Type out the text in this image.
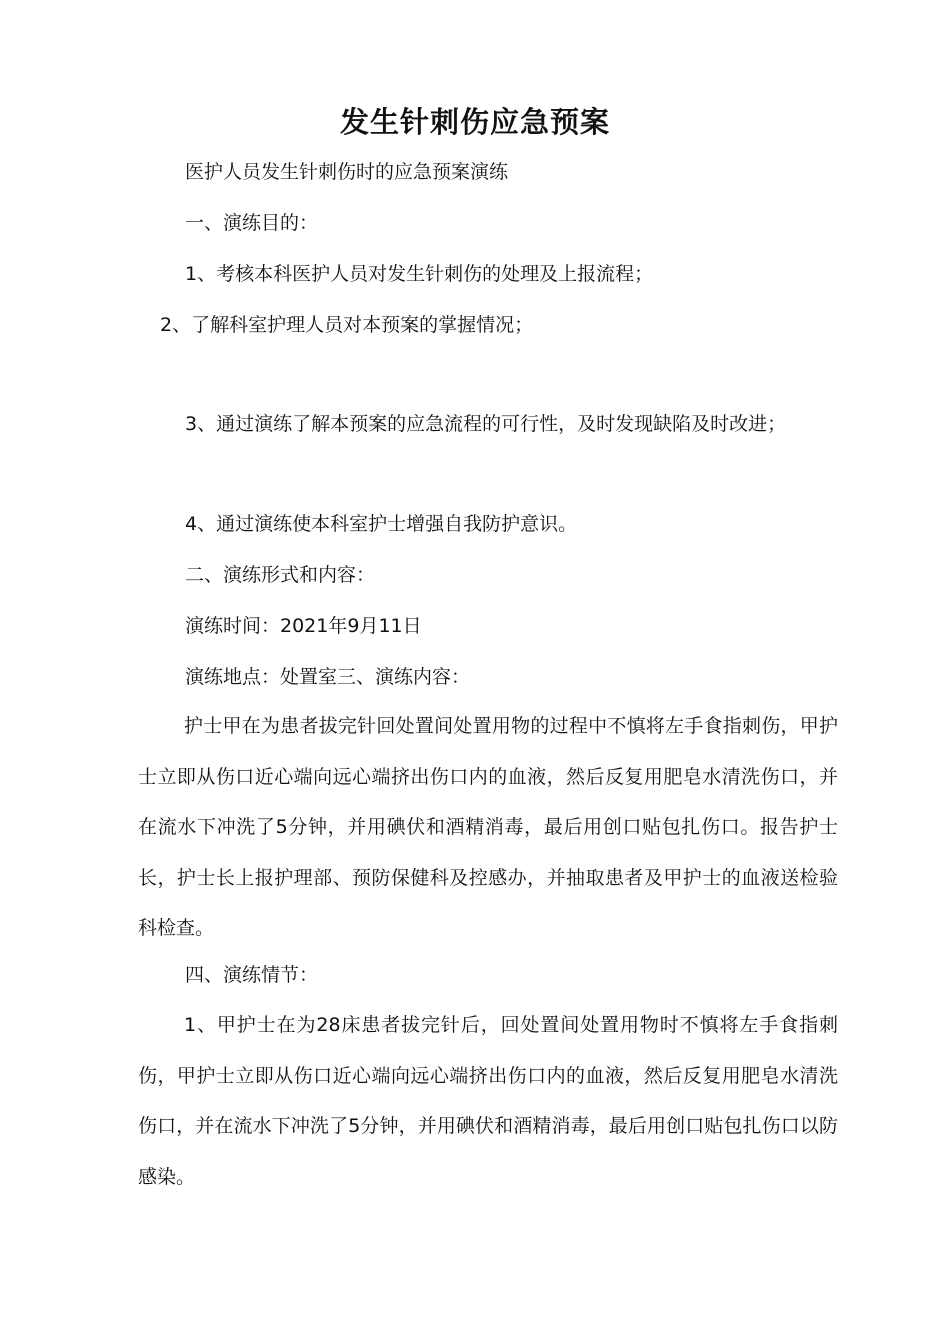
发生针刺伤应急预案
医护人员发生针刺伤时的应急预案演练
一、演练目的：
1、考核本科医护人员对发生针刺伤的处理及上报流程；
2、了解科室护理人员对本预案的掌握情况；
3、通过演练了解本预案的应急流程的可行性，及时发现缺陷及时改进；
4、通过演练使本科室护士增强自我防护意识。
二、演练形式和内容：
演练时间：2021年9月11日
演练地点：处置室三、演练内容：

护士甲在为患者拔完针回处置间处置用物的过程中不慎将左手食指刺伤，甲护士立即从伤口近心端向远心端挤出伤口内的血液，然后反复用肥皂水清洗伤口，并在流水下冲洗了5分钟，并用碘伏和酒精消毒，最后用创口贴包扎伤口。报告护士长，护士长上报护理部、预防保健科及控感办，并抽取患者及甲护士的血液送检验科检查。

四、演练情节：

1、甲护士在为28床患者拔完针后，回处置间处置用物时不慎将左手食指刺伤，甲护士立即从伤口近心端向远心端挤出伤口内的血液，然后反复用肥皂水清洗伤口，并在流水下冲洗了5分钟，并用碘伏和酒精消毒，最后用创口贴包扎伤口以防感染。
